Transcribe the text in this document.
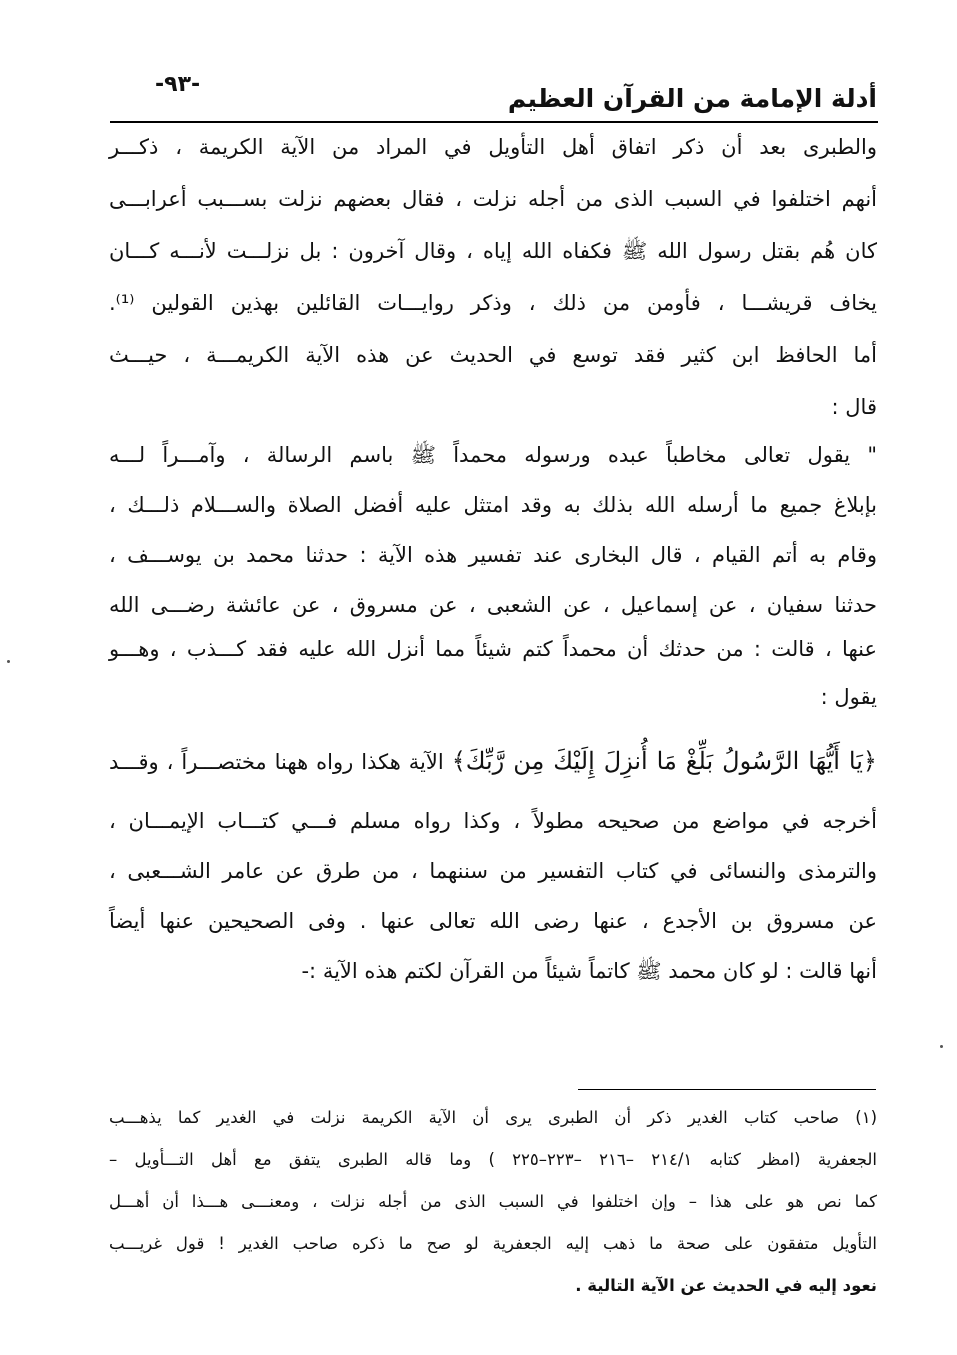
-٩٣-	أدلة الإمامة من القرآن العظيم
والطبرى بعد أن ذكر اتفاق أهل التأويل في المراد من الآية الكريمة ، ذكـــر
أنهم اختلفوا في السبب الذى من أجله نزلت ، فقال بعضهم نزلت بســـبب أعرابـــى
كان هُم بقتل رسول الله ﷺ فكفاه الله إياه ، وقال آخرون : بل نزلـــت لأنـــه كـــان
يخاف قريشـــا ، فأومن من ذلك ، وذكر روايـــات القائلين بهذين القولين ⁽¹⁾.
أما الحافظ ابن كثير فقد توسع في الحديث عن هذه الآية الكريمـــة ، حيـــث
قال :
" يقول تعالى مخاطباً عبده ورسوله محمداً ﷺ باسم الرسالة ، وآمـــراً لـــه
بإبلاغ جميع ما أرسله الله بذلك به وقد امتثل عليه أفضل الصلاة والســـلام ذلـــك ،
وقام به أتم القيام ، قال البخارى عند تفسير هذه الآية : حدثنا محمد بن يوســـف ،
حدثنا سفيان ، عن إسماعيل ، عن الشعبى ، عن مسروق ، عن عائشة رضـــى الله
عنها ، قالت : من حدثك أن محمداً كتم شيئاً مما أنزل الله عليه فقد كـــذب ، وهـــو
يقول :
﴿يَا أَيُّهَا الرَّسُولُ بَلِّغْ مَا أُنزِلَ إِلَيْكَ مِن رَّبِّكَ﴾ الآية هكذا رواه ههنا مختصـــراً ، وقـــد
أخرجه في مواضع من صحيحه مطولاً ، وكذا رواه مسلم فـــي كتـــاب الإيمـــان ،
والترمذى والنسائى في كتاب التفسير من سننهما ، من طرق عن عامر الشـــعبى ،
عن مسروق بن الأجدع ، عنها رضى الله تعالى عنها . وفى الصحيحين عنها أيضاً
أنها قالت : لو كان محمد ﷺ كاتماً شيئاً من القرآن لكتم هذه الآية :-
(١) صاحب كتاب الغدير ذكر أن الطبرى يرى أن الآية الكريمة نزلت في الغدير كما يذهـــب
الجعفرية (امظر كتابه ٢١٤/١ –٢١٦ –٢٢٣–٢٢٥ ) وما قاله الطبرى يتفق مع أهل التـــأويل –
كما نص هو على هذا – وإن اختلفوا في السبب الذى من أجله نزلت ، ومعنـــى هـــذا أن أهـــل
التأويل متفقون على صحة ما ذهب إليه الجعفرية لو صح ما ذكره صاحب الغدير ! قول غريـــب
نعود إليه في الحديث عن الآية التالية .
